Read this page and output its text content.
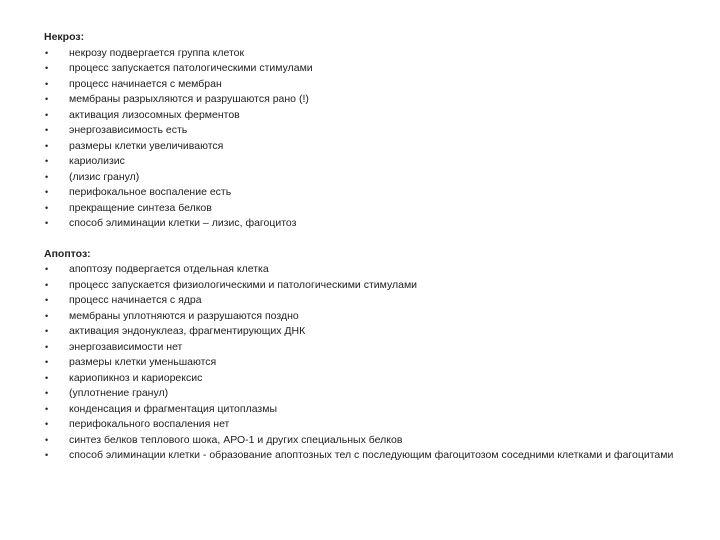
Некроз:

• некрозу подвергается группа клеток
• процесс запускается патологическими стимулами
• процесс начинается с мембран
• мембраны разрыхляются и разрушаются рано (!)
• активация лизосомных ферментов
• энергозависимость есть
• размеры клетки увеличиваются
• кариолизис
• (лизис гранул)
• перифокальное воспаление есть
• прекращение синтеза белков
• способ элиминации клетки – лизис, фагоцитоз

Апоптоз:

• апоптозу подвергается отдельная клетка
• процесс запускается физиологическими и патологическими стимулами
• процесс начинается с ядра
• мембраны уплотняются и разрушаются поздно
• активация эндонуклеаз, фрагментирующих ДНК
• энергозависимости нет
• размеры клетки уменьшаются
• кариопикноз и кариорексис
• (уплотнение гранул)
• конденсация и фрагментация цитоплазмы
• перифокального воспаления нет
• синтез белков теплового шока, АРО-1 и других специальных белков
• способ элиминации клетки - образование апоптозных тел с последующим фагоцитозом соседними клетками и фагоцитами
